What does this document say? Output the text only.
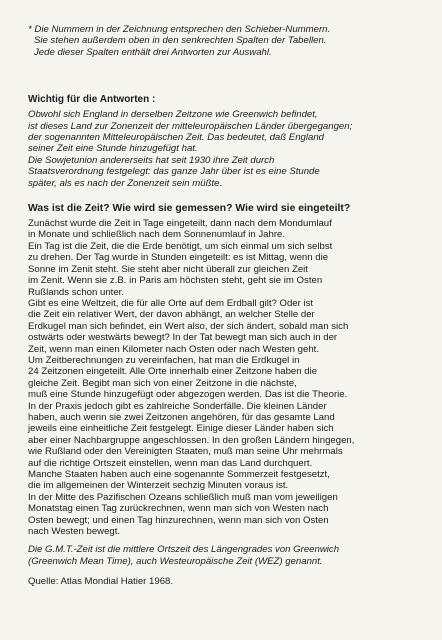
* Die Nummern in der Zeichnung entsprechen den Schieber-Nummern.
Sie stehen außerdem oben in den senkrechten Spalten der Tabellen.
Jede dieser Spalten enthält drei Antworten zur Auswahl.
Wichtig für die Antworten :
Obwohl sich England in derselben Zeitzone wie Greenwich befindet,
ist dieses Land zur Zonenzeit der mitteleuropäischen Länder übergegangen;
der sogenannten Mitteleuropäischen Zeit. Das bedeutet, daß England
seiner Zeit eine Stunde hinzugefügt hat.
Die Sowjetunion andererseits hat seit 1930 ihre Zeit durch
Staatsverordnung festgelegt: das ganze Jahr über ist es eine Stunde
später, als es nach der Zonenzeit sein müßte.
Was ist die Zeit? Wie wird sie gemessen? Wie wird sie eingeteilt?
Zunächst wurde die Zeit in Tage eingeteilt, dann nach dem Mondumlauf
in Monate und schließlich nach dem Sonnenumlauf in Jahre.
Ein Tag ist die Zeit, die die Erde benötigt, um sich einmal um sich selbst
zu drehen. Der Tag wurde in Stunden eingeteilt: es ist Mittag, wenn die
Sonne im Zenit steht. Sie steht aber nicht überall zur gleichen Zeit
im Zenit. Wenn sie z.B. in Paris am höchsten steht, geht sie im Osten
Rußlands schon unter.
Gibt es eine Weltzeit, die für alle Orte auf dem Erdball gilt? Oder ist
die Zeit ein relativer Wert, der davon abhängt, an welcher Stelle der
Erdkugel man sich befindet, ein Wert also, der sich ändert, sobald man sich
ostwärts oder westwärts bewegt? In der Tat bewegt man sich auch in der
Zeit, wenn man einen Kilometer nach Osten oder nach Westen geht.
Um Zeitberechnungen zu vereinfachen, hat man die Erdkugel in
24 Zeitzonen eingeteilt. Alle Orte innerhalb einer Zeitzone haben die
gleiche Zeit. Begibt man sich von einer Zeitzone in die nächste,
muß eine Stunde hinzugefügt oder abgezogen werden. Das ist die Theorie.
In der Praxis jedoch gibt es zahlreiche Sonderfälle. Die kleinen Länder
haben, auch wenn sie zwei Zeitzonen angehören, für das gesamte Land
jeweils eine einheitliche Zeit festgelegt. Einige dieser Länder haben sich
aber einer Nachbargruppe angeschlossen. In den großen Ländern hingegen,
wie Rußland oder den Vereinigten Staaten, muß man seine Uhr mehrmals
auf die richtige Ortszeit einstellen, wenn man das Land durchquert.
Manche Staaten haben auch eine sogenannte Sommerzeit festgesetzt,
die im allgemeinen der Winterzeit sechzig Minuten voraus ist.
In der Mitte des Pazifischen Ozeans schließlich muß man vom jeweiligen
Monatstag einen Tag zurückrechnen, wenn man sich von Westen nach
Osten bewegt; und einen Tag hinzurechnen, wenn man sich von Osten
nach Westen bewegt.
Die G.M.T.-Zeit ist die mittlere Ortszeit des Längengrades von Greenwich
(Greenwich Mean Time), auch Westeuropäische Zeit (WEZ) genannt.
Quelle: Atlas Mondial Hatier 1968.
